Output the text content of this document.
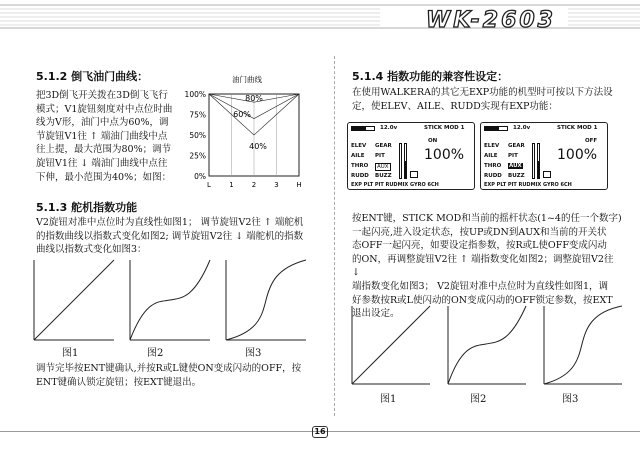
WK-2603
5.1.2 倒飞油门曲线：
把3D倒飞开关拨在3D倒飞飞行
模式；V1旋钮刻度对中点位时曲
线为V形，油门中点为60%，调
节旋钮V1往 ↑ 端油门曲线中点
往上提，最大范围为80%；调节
旋钮V1往 ↓ 端油门曲线中点往
下伸，最小范围为40%；如图：
油门曲线
100%
75%
50%
25%
0%
L	1	2	3	H
80%
60%
40%
5.1.3 舵机指数功能
V2旋钮对准中点位时为直线性如图1； 调节旋钮V2往 ↑ 端舵机
的指数曲线以指数式变化如图2; 调节旋钮V2往 ↓ 端舵机的指数
曲线以指数式变化如图3：
图1	图2	图3
调节完毕按ENT键确认,并按R或L键使ON变成闪动的OFF，按
ENT键确认锁定旋钮；按EXT键退出。
5.1.4 指数功能的兼容性设定：
在使用WALKERA的其它无EXP功能的机型时可按以下方法设
定，使ELEV、AILE、RUDD实现有EXP功能：
12.0v	STICK MOD 1
ELEV
AILE
THRO
RUDD
GEAR
PIT
AUX
BUZZ
ON
100%
EXP PLT PIT RUDMIX GYRO 6CH
12.0v	STICK MOD 1
ELEV
AILE
THRO
RUDD
GEAR
PIT
AUX
BUZZ
OFF
100%
EXP PLT PIT RUDMIX GYRO 6CH
按ENT键，STICK MOD和当前的摇杆状态(1~4的任一个数字)
一起闪亮,进入设定状态，按UP或DN到AUX和当前的开关状
态OFF一起闪亮，如要设定指参数，按R或L使OFF变成闪动
的ON，再调整旋钮V2往 ↑ 端指数变化如图2；调整旋钮V2往 ↓
端指数变化如图3； V2旋钮对准中点位时为直线性如图1，调
好参数按R或L使闪动的ON变成闪动的OFF锁定参数，按EXT
退出设定。
图1	图2	图3
16
